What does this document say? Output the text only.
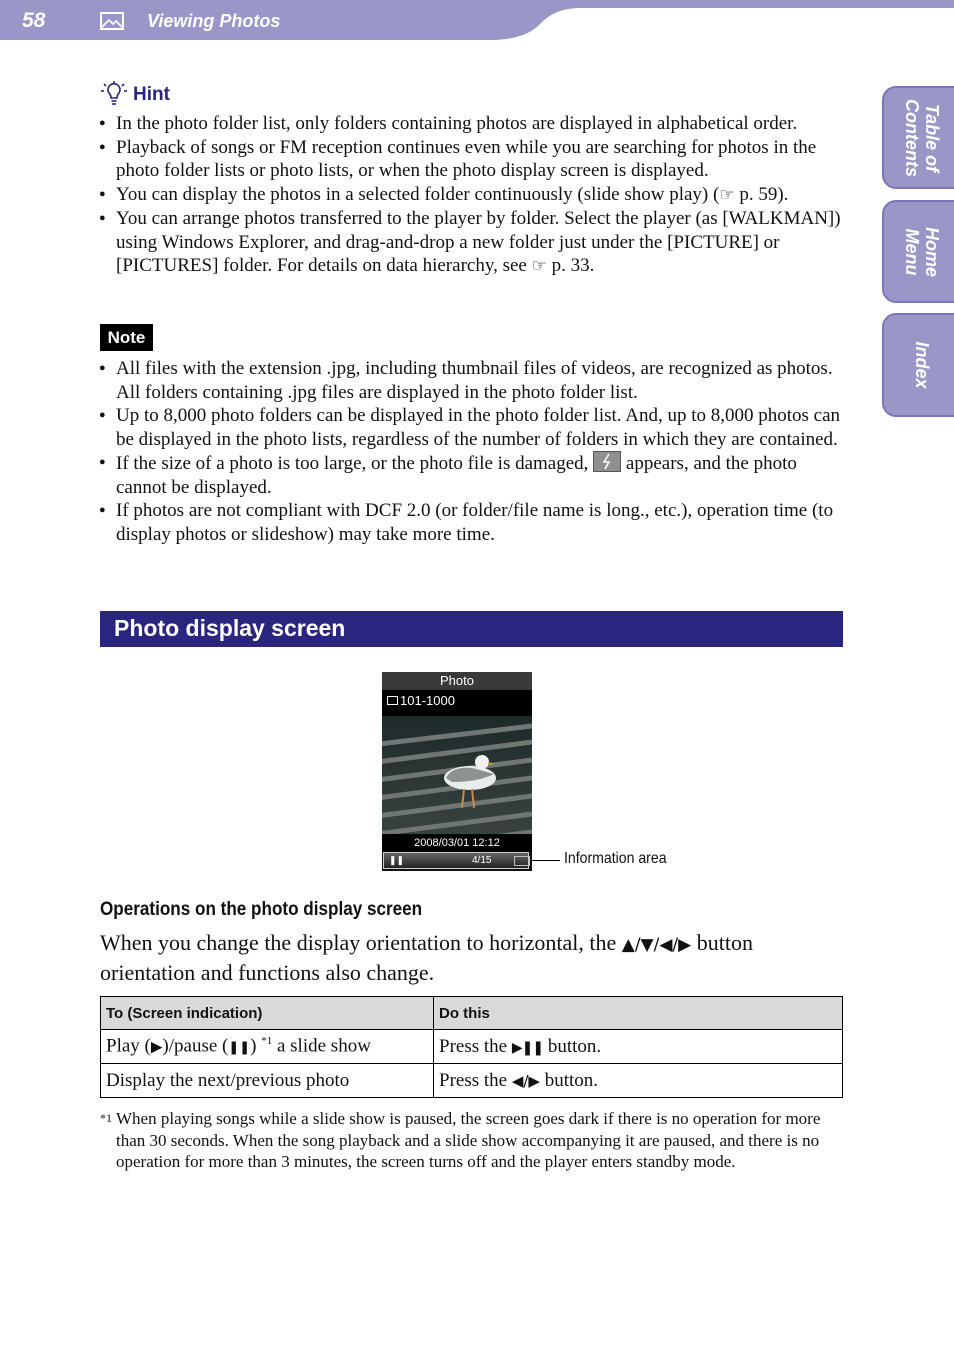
58	Viewing Photos
Table of Contents
Home Menu
Index
Hint
● In the photo folder list, only folders containing photos are displayed in alphabetical order.
● Playback of songs or FM reception continues even while you are searching for photos in the photo folder lists or photo lists, or when the photo display screen is displayed.
● You can display the photos in a selected folder continuously (slide show play) (☞ p. 59).
● You can arrange photos transferred to the player by folder. Select the player (as [WALKMAN]) using Windows Explorer, and drag-and-drop a new folder just under the [PICTURE] or [PICTURES] folder. For details on data hierarchy, see ☞ p. 33.
Note
● All files with the extension .jpg, including thumbnail files of videos, are recognized as photos. All folders containing .jpg files are displayed in the photo folder list.
● Up to 8,000 photo folders can be displayed in the photo folder list. And, up to 8,000 photos can be displayed in the photo lists, regardless of the number of folders in which they are contained.
● If the size of a photo is too large, or the photo file is damaged,
appears, and the photo cannot be displayed.
● If photos are not compliant with DCF 2.0 (or folder/file name is long., etc.), operation time (to display photos or slideshow) may take more time.
Photo display screen
Photo
101-1000
2008/03/01 12:12
❚❚	4/15	Information area
Operations on the photo display screen
When you change the display orientation to horizontal, the ▲/▼/◀/▶ button orientation and functions also change.
To (Screen indication)	Do this
Play (▶)/pause (❚❚) $^{*1}$ a slide show	Press the ▶❚❚ button.
Display the next/previous photo	Press the ◀/▶ button.
*1 When playing songs while a slide show is paused, the screen goes dark if there is no operation for more than 30 seconds. When the song playback and a slide show accompanying it are paused, and there is no operation for more than 3 minutes, the screen turns off and the player enters standby mode.
